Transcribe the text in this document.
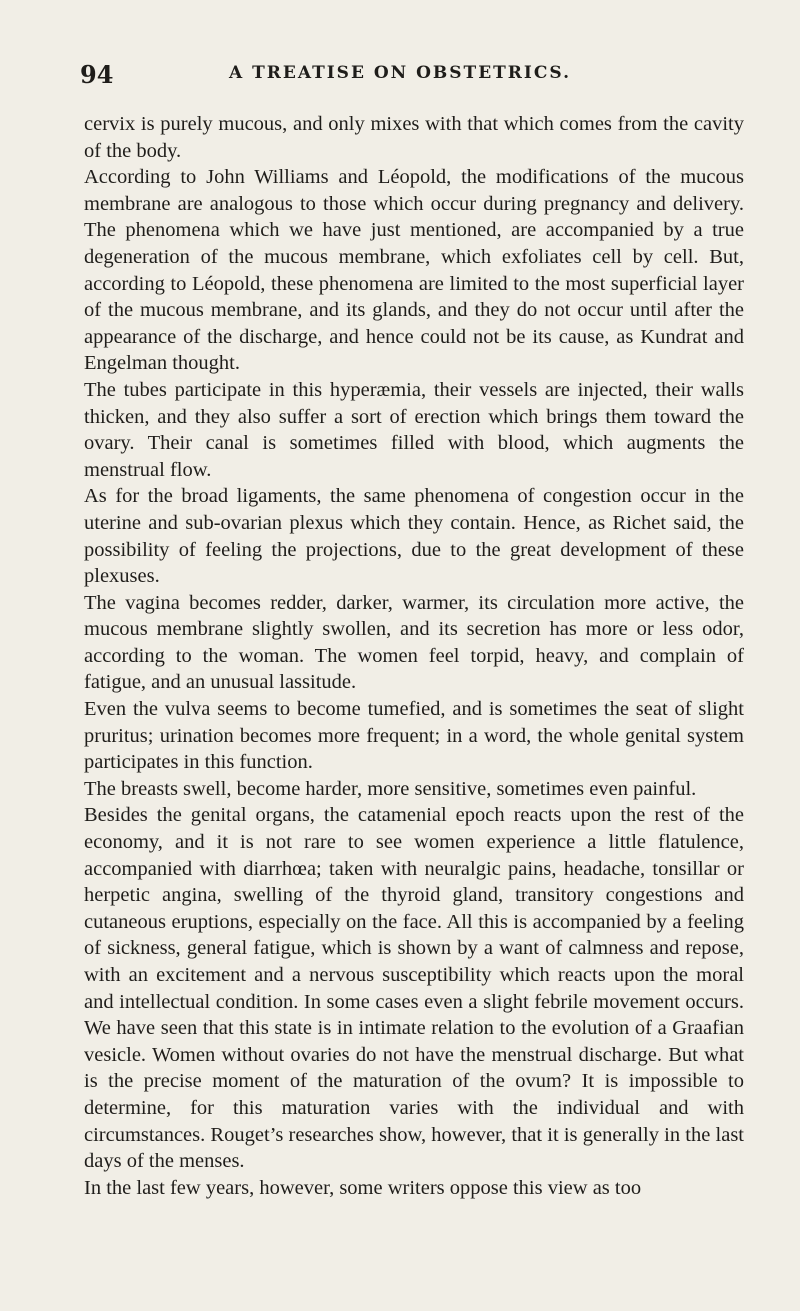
94	A TREATISE ON OBSTETRICS.

cervix is purely mucous, and only mixes with that which comes from the cavity of the body.

According to John Williams and Léopold, the modifications of the mucous membrane are analogous to those which occur during pregnancy and delivery. The phenomena which we have just mentioned, are accompanied by a true degeneration of the mucous membrane, which exfoliates cell by cell. But, according to Léopold, these phenomena are limited to the most superficial layer of the mucous membrane, and its glands, and they do not occur until after the appearance of the discharge, and hence could not be its cause, as Kundrat and Engelman thought.

The tubes participate in this hyperæmia, their vessels are injected, their walls thicken, and they also suffer a sort of erection which brings them toward the ovary. Their canal is sometimes filled with blood, which augments the menstrual flow.

As for the broad ligaments, the same phenomena of congestion occur in the uterine and sub-ovarian plexus which they contain. Hence, as Richet said, the possibility of feeling the projections, due to the great development of these plexuses.

The vagina becomes redder, darker, warmer, its circulation more active, the mucous membrane slightly swollen, and its secretion has more or less odor, according to the woman. The women feel torpid, heavy, and complain of fatigue, and an unusual lassitude.

Even the vulva seems to become tumefied, and is sometimes the seat of slight pruritus; urination becomes more frequent; in a word, the whole genital system participates in this function.

The breasts swell, become harder, more sensitive, sometimes even painful.

Besides the genital organs, the catamenial epoch reacts upon the rest of the economy, and it is not rare to see women experience a little flatulence, accompanied with diarrhœa; taken with neuralgic pains, headache, tonsillar or herpetic angina, swelling of the thyroid gland, transitory congestions and cutaneous eruptions, especially on the face. All this is accompanied by a feeling of sickness, general fatigue, which is shown by a want of calmness and repose, with an excitement and a nervous susceptibility which reacts upon the moral and intellectual condition. In some cases even a slight febrile movement occurs. We have seen that this state is in intimate relation to the evolution of a Graafian vesicle. Women without ovaries do not have the menstrual discharge. But what is the precise moment of the maturation of the ovum? It is impossible to determine, for this maturation varies with the individual and with circumstances. Rouget’s researches show, however, that it is generally in the last days of the menses.

In the last few years, however, some writers oppose this view as too
